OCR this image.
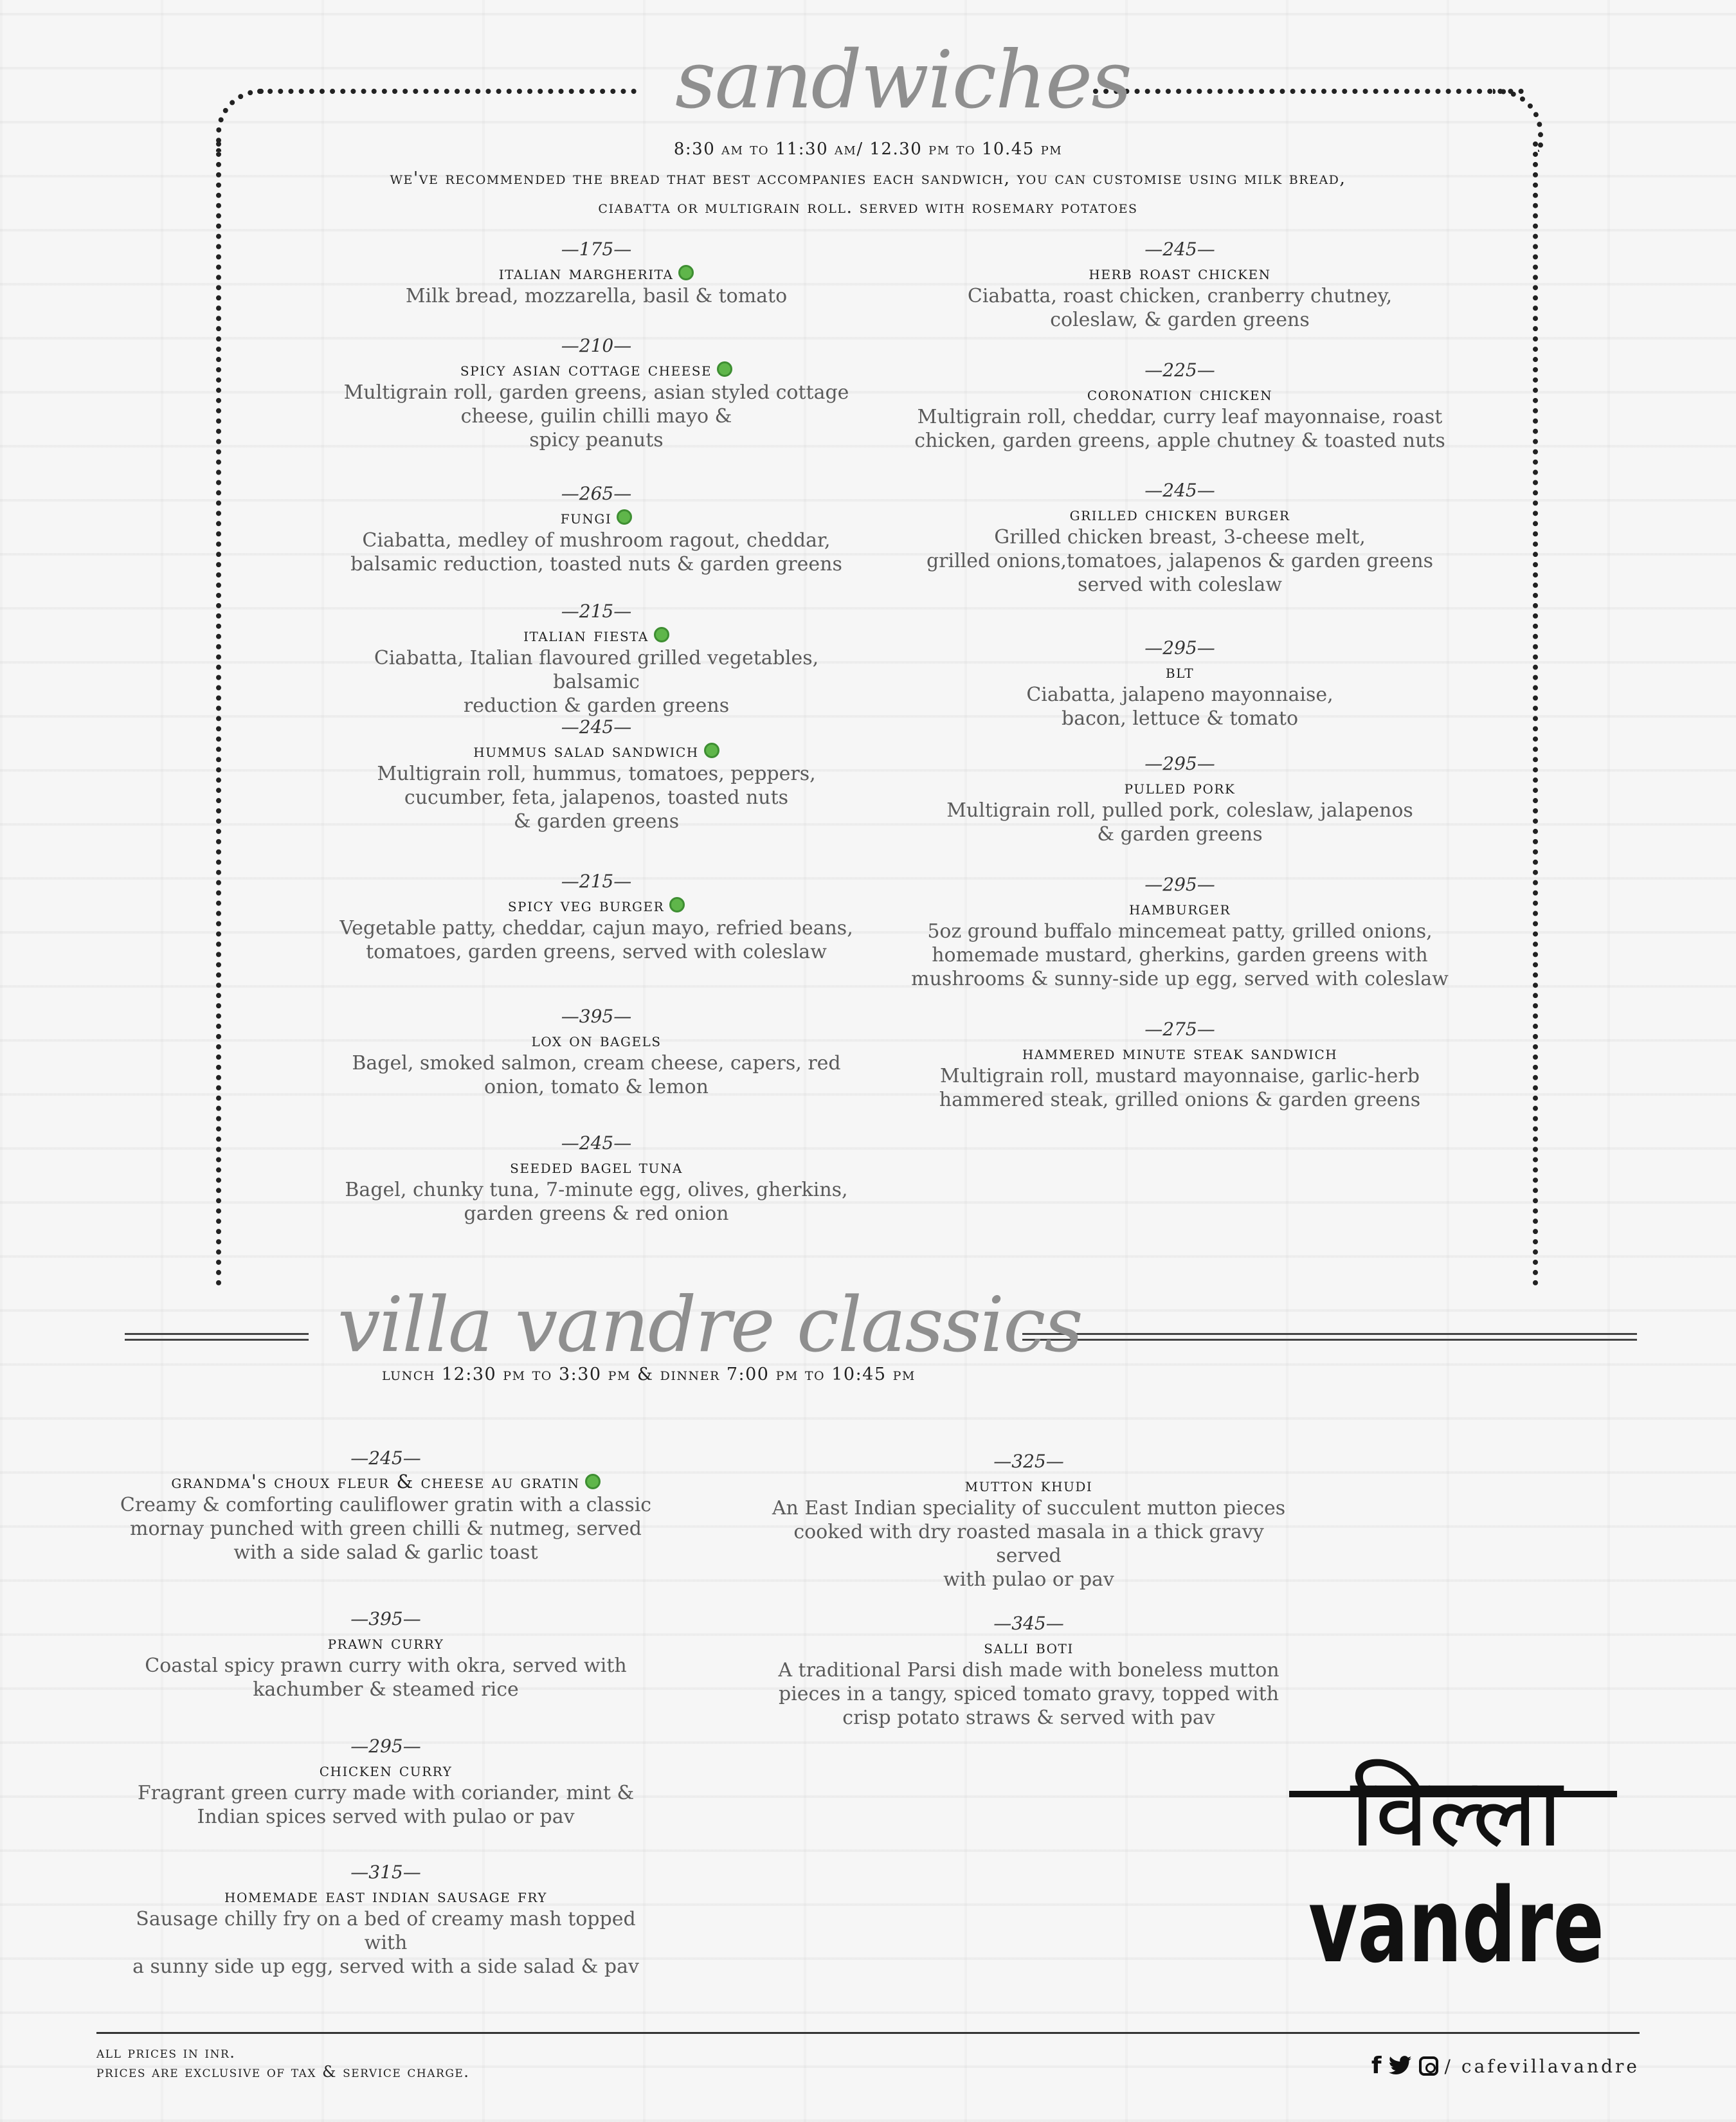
sandwiches
8:30 am to 11:30 am/ 12.30 pm to 10.45 pm
we've recommended the bread that best accompanies each sandwich, you can customise using milk bread,
ciabatta or multigrain roll. served with rosemary potatoes
—175—
italian margherita
Milk bread, mozzarella, basil & tomato
—210—
spicy asian cottage cheese
Multigrain roll, garden greens, asian styled cottage
cheese, guilin chilli mayo &
spicy peanuts
—265—
fungi
Ciabatta, medley of mushroom ragout, cheddar,
balsamic reduction, toasted nuts & garden greens
—215—
italian fiesta
Ciabatta, Italian flavoured grilled vegetables, balsamic
reduction & garden greens
—245—
hummus salad sandwich
Multigrain roll, hummus, tomatoes, peppers,
cucumber, feta, jalapenos, toasted nuts
& garden greens
—215—
spicy veg burger
Vegetable patty, cheddar, cajun mayo, refried beans,
tomatoes, garden greens, served with coleslaw
—395—
lox on bagels
Bagel, smoked salmon, cream cheese, capers, red
onion, tomato & lemon
—245—
seeded bagel tuna
Bagel, chunky tuna, 7-minute egg, olives, gherkins,
garden greens & red onion
—245—
herb roast chicken
Ciabatta, roast chicken, cranberry chutney,
coleslaw, & garden greens
—225—
coronation chicken
Multigrain roll, cheddar, curry leaf mayonnaise, roast
chicken, garden greens, apple chutney & toasted nuts
—245—
grilled chicken burger
Grilled chicken breast, 3-cheese melt,
grilled onions,tomatoes, jalapenos & garden greens
served with coleslaw
—295—
blt
Ciabatta, jalapeno mayonnaise,
bacon, lettuce & tomato
—295—
pulled pork
Multigrain roll, pulled pork, coleslaw, jalapenos
& garden greens
—295—
hamburger
5oz ground buffalo mincemeat patty, grilled onions,
homemade mustard, gherkins, garden greens with
mushrooms & sunny-side up egg, served with coleslaw
—275—
hammered minute steak sandwich
Multigrain roll, mustard mayonnaise, garlic-herb
hammered steak, grilled onions & garden greens
villa vandre classics
lunch 12:30 pm to 3:30 pm & dinner 7:00 pm to 10:45 pm
—245—
grandma's choux fleur & cheese au gratin
Creamy & comforting cauliflower gratin with a classic
mornay punched with green chilli & nutmeg, served
with a side salad & garlic toast
—395—
prawn curry
Coastal spicy prawn curry with okra, served with
kachumber & steamed rice
—295—
chicken curry
Fragrant green curry made with coriander, mint &
Indian spices served with pulao or pav
—315—
homemade east indian sausage fry
Sausage chilly fry on a bed of creamy mash topped with
a sunny side up egg, served with a side salad & pav
—325—
mutton khudi
An East Indian speciality of succulent mutton pieces
cooked with dry roasted masala in a thick gravy served
with pulao or pav
—345—
salli boti
A traditional Parsi dish made with boneless mutton
pieces in a tangy, spiced tomato gravy, topped with
crisp potato straws & served with pav
विल्ला
vandre
all prices in inr.
prices are exclusive of tax & service charge.	f	/ cafevillavandre
